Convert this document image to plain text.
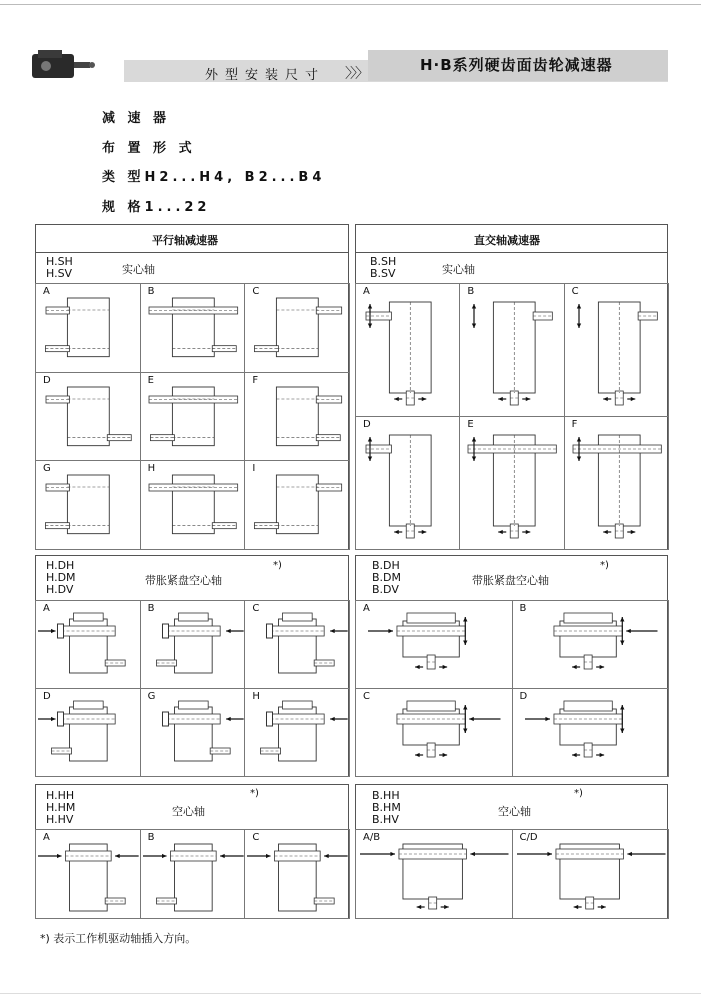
外型安装尺寸 〉〉〉	H·B系列硬齿面齿轮减速器
减 速 器
布 置 形 式
类 型H2...H4, B2...B4
规 格1...22
平行轴减速器
H.SH
H.SV	实心轴
A	B	C
D	E	F
G	H	I
直交轴减速器
B.SH
B.SV	实心轴
A	B	C
D	E	F
H.DH
H.DM
H.DV
带胀紧盘空心轴
*)
A	B	C
D	G	H
B.DH
B.DM
B.DV
带胀紧盘空心轴
*)
A	B
C	D
H.HH
H.HM
H.HV
空心轴
*)
A	B	C
B.HH
B.HM
B.HV
空心轴
*)
A/B	C/D
*) 表示工作机驱动轴插入方向。
